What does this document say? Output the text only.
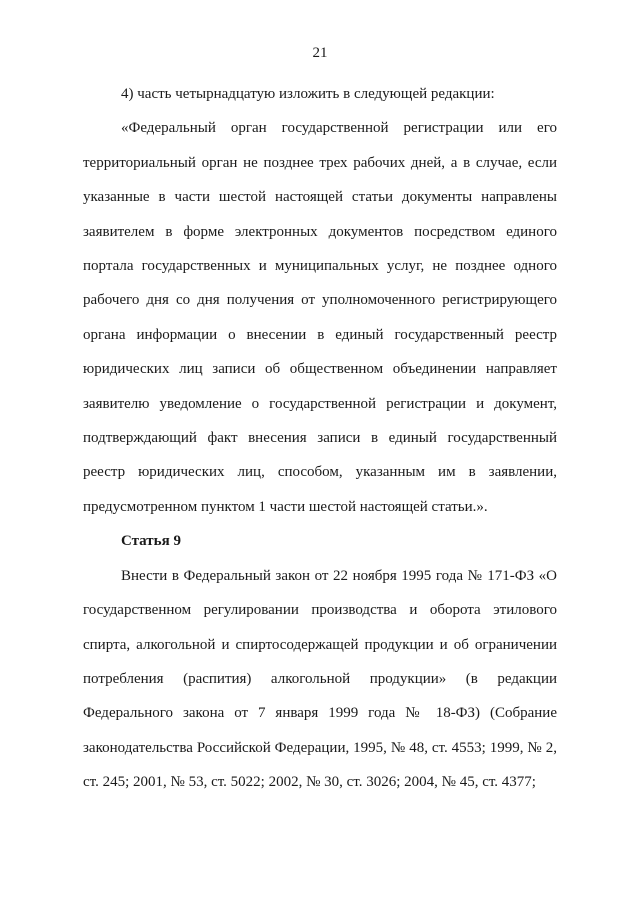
21

4) часть четырнадцатую изложить в следующей редакции:

«Федеральный орган государственной регистрации или его территориальный орган не позднее трех рабочих дней, а в случае, если указанные в части шестой настоящей статьи документы направлены заявителем в форме электронных документов посредством единого портала государственных и муниципальных услуг, не позднее одного рабочего дня со дня получения от уполномоченного регистрирующего органа информации о внесении в единый государственный реестр юридических лиц записи об общественном объединении направляет заявителю уведомление о государственной регистрации и документ, подтверждающий факт внесения записи в единый государственный реестр юридических лиц, способом, указанным им в заявлении, предусмотренном пунктом 1 части шестой настоящей статьи.».

Статья 9

Внести в Федеральный закон от 22 ноября 1995 года № 171-ФЗ «О государственном регулировании производства и оборота этилового спирта, алкогольной и спиртосодержащей продукции и об ограничении потребления (распития) алкогольной продукции» (в редакции Федерального закона от 7 января 1999 года № 18-ФЗ) (Собрание законодательства Российской Федерации, 1995, № 48, ст. 4553; 1999, № 2, ст. 245; 2001, № 53, ст. 5022; 2002, № 30, ст. 3026; 2004, № 45, ст. 4377;
